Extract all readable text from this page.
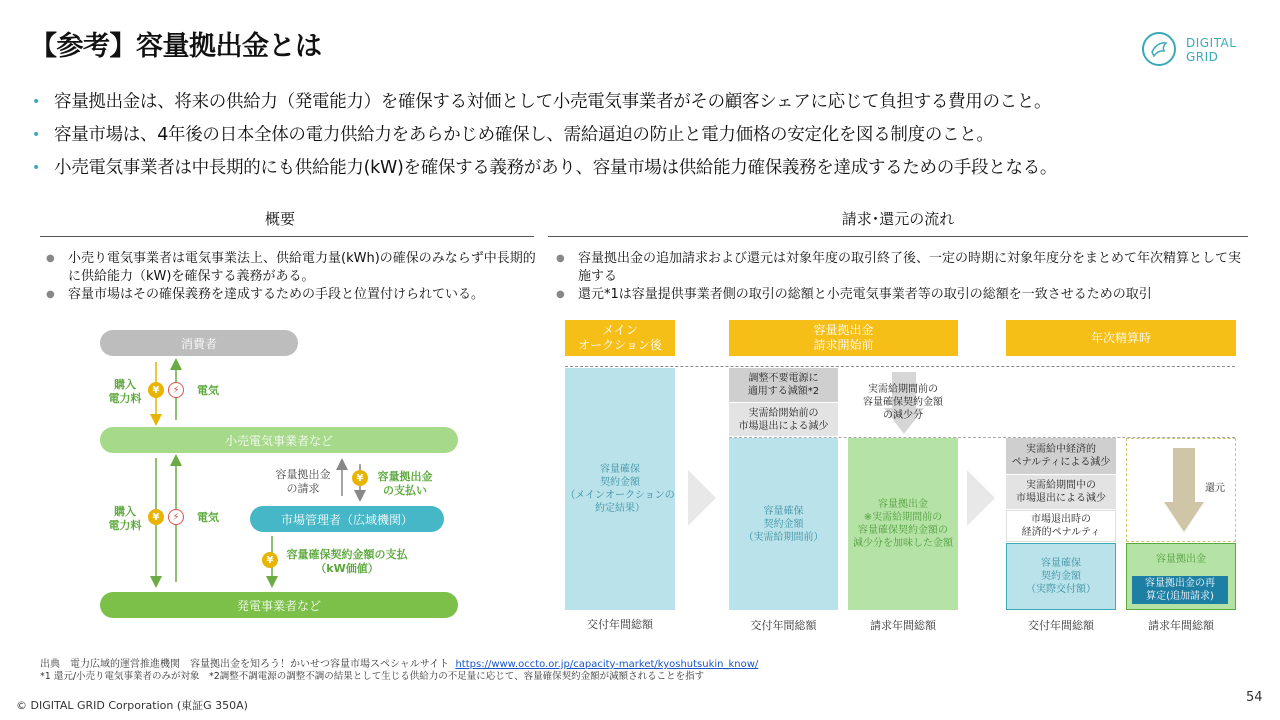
【参考】容量拠出金とは	DIGITAL
GRID
• 容量拠出金は、将来の供給力（発電能力）を確保する対価として小売電気事業者がその顧客シェアに応じて負担する費用のこと。
• 容量市場は、4年後の日本全体の電力供給力をあらかじめ確保し、需給逼迫の防止と電力価格の安定化を図る制度のこと。
• 小売電気事業者は中長期的にも供給能力(kW)を確保する義務があり、容量市場は供給能力確保義務を達成するための手段となる。
概要
● 小売り電気事業者は電気事業法上、供給電力量(kWh)の確保のみならず中長期的に供給能力（kW)を確保する義務がある。
● 容量市場はその確保義務を達成するための手段と位置付けられている。
消費者
小売電気事業者など
市場管理者（広域機関）
発電事業者など
¥	⚡
購入
電力料
電気
¥	⚡
購入
電力料
電気
容量拠出金
の請求
¥	容量拠出金
の支払い
¥	容量確保契約金額の支払
（kW価値）
請求･還元の流れ
● 容量拠出金の追加請求および還元は対象年度の取引終了後、一定の時期に対象年度分をまとめて年次精算として実施する
● 還元*1は容量提供事業者側の取引の総額と小売電気事業者等の取引の総額を一致させるための取引
メイン
オークション後
容量拠出金
請求開始前
年次精算時
容量確保
契約金額
（メインオークションの
約定結果）
調整不要電源に
適用する減額*2
実需給開始前の
市場退出による減少
容量確保
契約金額
（実需給期間前）
実需給期間前の
容量確保契約金額
の減少分
容量拠出金
※実需給期間前の
容量確保契約金額の
減少分を加味した金額
実需給中経済的
ペナルティによる減少
実需給期間中の
市場退出による減少
市場退出時の
経済的ペナルティ
容量確保
契約金額
（実際交付額）
還元
容量拠出金
容量拠出金の再
算定(追加請求)
交付年間総額	交付年間総額	請求年間総額	交付年間総額	請求年間総額
出典　電力広域的運営推進機関　容量拠出金を知ろう！かいせつ容量市場スペシャルサイト https://www.occto.or.jp/capacity-market/kyoshutsukin_know/
*1 還元/小売り電気事業者のみが対象　*2調整不調電源の調整不調の結果として生じる供給力の不足量に応じて、容量確保契約金額が減額されることを指す
© DIGITAL GRID Corporation (東証G 350A)
54
